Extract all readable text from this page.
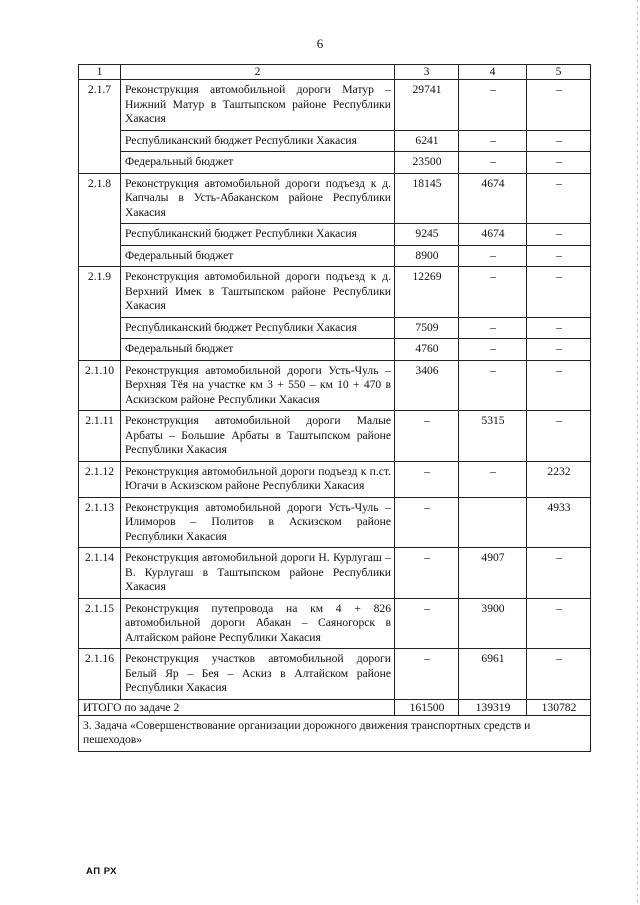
6
1	2	3	4	5
2.1.7	Реконструкция автомобильной дороги Матур – Нижний Матур в Таштыпском районе Республики Хакасия	29741	–	–
	Республиканский бюджет Республики Хакасия	6241	–	–
	Федеральный бюджет	23500	–	–
2.1.8	Реконструкция автомобильной дороги подъезд к д. Капчалы в Усть-Абаканском районе Республики Хакасия	18145	4674	–
	Республиканский бюджет Республики Хакасия	9245	4674	–
	Федеральный бюджет	8900	–	–
2.1.9	Реконструкция автомобильной дороги подъезд к д. Верхний Имек в Таштыпском районе Республики Хакасия	12269	–	–
	Республиканский бюджет Республики Хакасия	7509	–	–
	Федеральный бюджет	4760	–	–
2.1.10	Реконструкция автомобильной дороги Усть-Чуль – Верхняя Тёя на участке км 3 + 550 – км 10 + 470 в Аскизском районе Республики Хакасия	3406	–	–
2.1.11	Реконструкция автомобильной дороги Малые Арбаты – Большие Арбаты в Таштыпском районе Республики Хакасия	–	5315	–
2.1.12	Реконструкция автомобильной дороги подъезд к п.ст. Югачи в Аскизском районе Республики Хакасия	–	–	2232
2.1.13	Реконструкция автомобильной дороги Усть-Чуль – Илиморов – Политов в Аскизском районе Республики Хакасия	–		4933
2.1.14	Реконструкция автомобильной дороги Н. Курлугаш – В. Курлугаш в Таштыпском районе Республики Хакасия	–	4907	–
2.1.15	Реконструкция путепровода на км 4 + 826 автомобильной дороги Абакан – Саяногорск в Алтайском районе Республики Хакасия	–	3900	–
2.1.16	Реконструкция участков автомобильной дороги Белый Яр – Бея – Аскиз в Алтайском районе Республики Хакасия	–	6961	–
ИТОГО по задаче 2		161500	139319	130782
3. Задача «Совершенствование организации дорожного движения транспортных средств и пешеходов»				
АП РХ
